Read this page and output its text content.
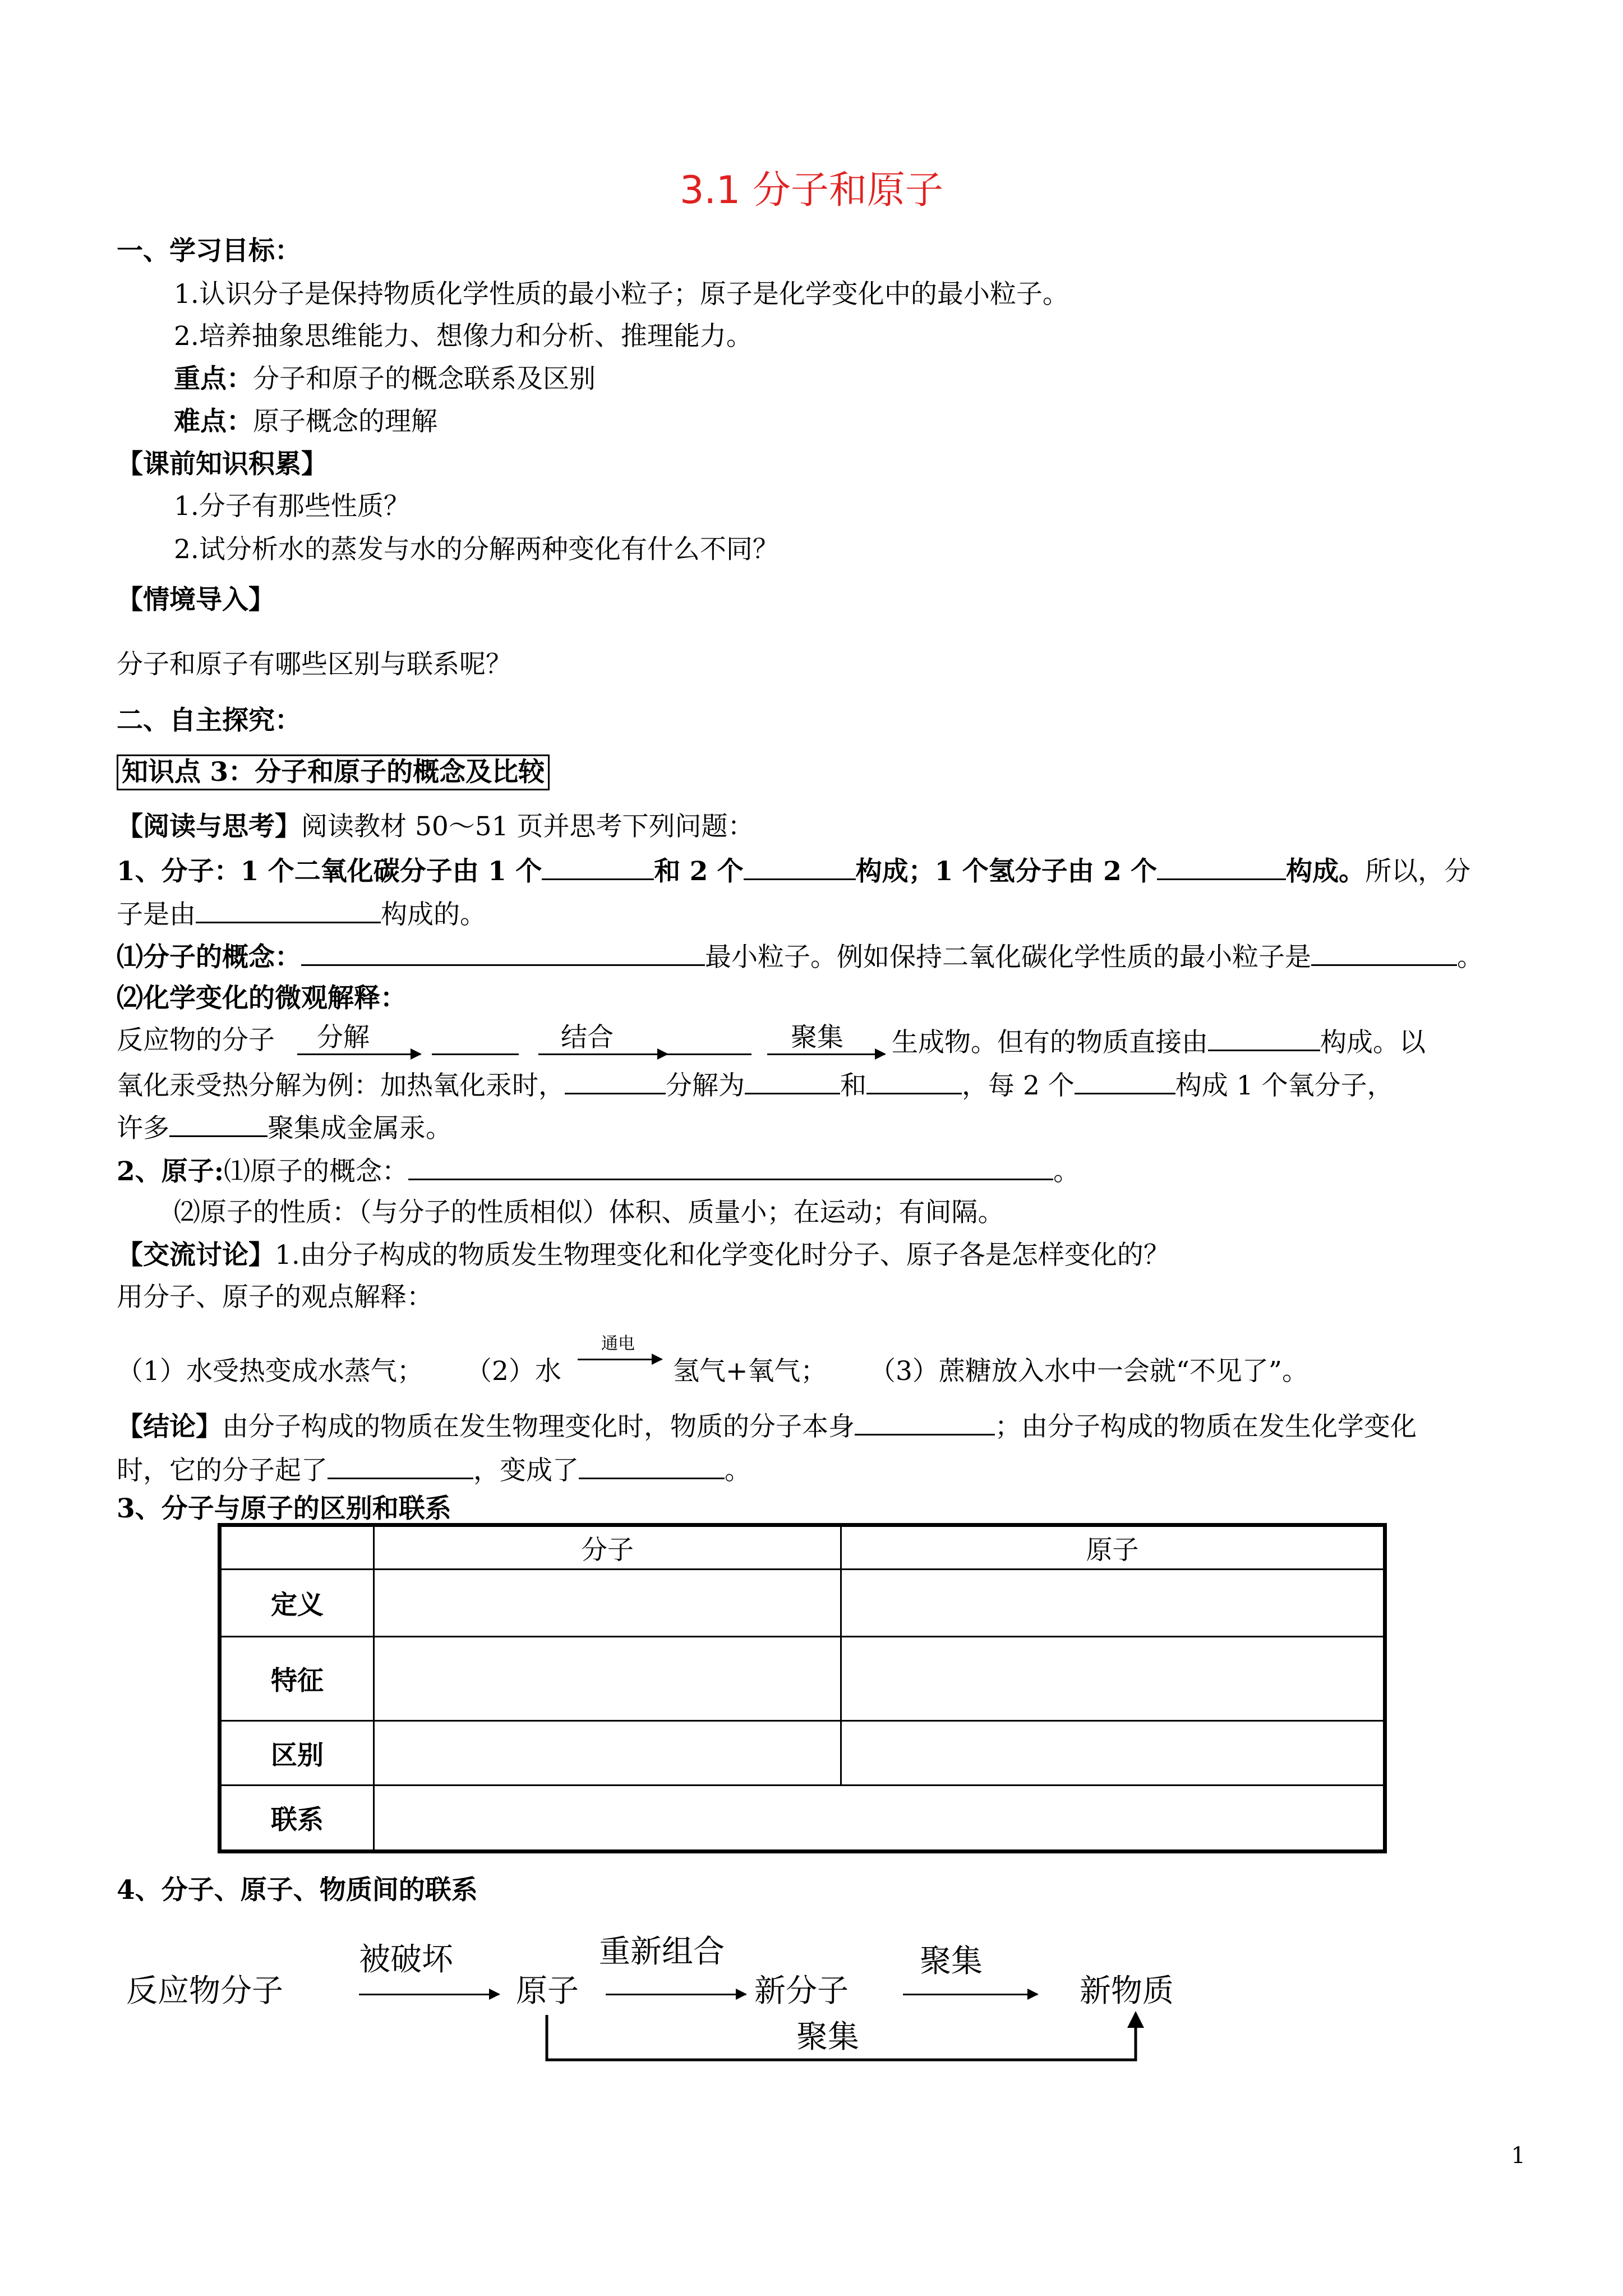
3.1 分子和原子
一、学习目标：
1.认识分子是保持物质化学性质的最小粒子；原子是化学变化中的最小粒子。
2.培养抽象思维能力、想像力和分析、推理能力。
重点：分子和原子的概念联系及区别
难点：原子概念的理解
【课前知识积累】
1.分子有那些性质？
2.试分析水的蒸发与水的分解两种变化有什么不同？
【情境导入】
分子和原子有哪些区别与联系呢？
二、自主探究：
知识点 3：分子和原子的概念及比较
【阅读与思考】阅读教材 50～51 页并思考下列问题：
1、分子：1 个二氧化碳分子由 1 个	和 2 个	构成；1 个氢分子由 2 个	构成。所以，分
子是由	构成的。
⑴分子的概念：	最小粒子。例如保持二氧化碳化学性质的最小粒子是	。
⑵化学变化的微观解释：
反应物的分子 分解	结合	聚集 生成物。但有的物质直接由	构成。以
氧化汞受热分解为例：加热氧化汞时，	分解为	和	，每 2 个	构成 1 个氧分子，
许多	聚集成金属汞。
2、原子:⑴原子的概念：	。
⑵原子的性质：（与分子的性质相似）体积、质量小；在运动；有间隔。
【交流讨论】1.由分子构成的物质发生物理变化和化学变化时分子、原子各是怎样变化的？
用分子、原子的观点解释：
（1）水受热变成水蒸气； （2）水
通电
氢气+氧气； （3）蔗糖放入水中一会就“不见了”。
【结论】由分子构成的物质在发生物理变化时，物质的分子本身	；由分子构成的物质在发生化学变化
时，它的分子起了	，变成了	。
3、分子与原子的区别和联系
	分子	原子
定义		
特征		
区别		
联系		
4、分子、原子、物质间的联系
反应物分子
被破坏
原子
重新组合
新分子
聚集
新物质
聚集
1
